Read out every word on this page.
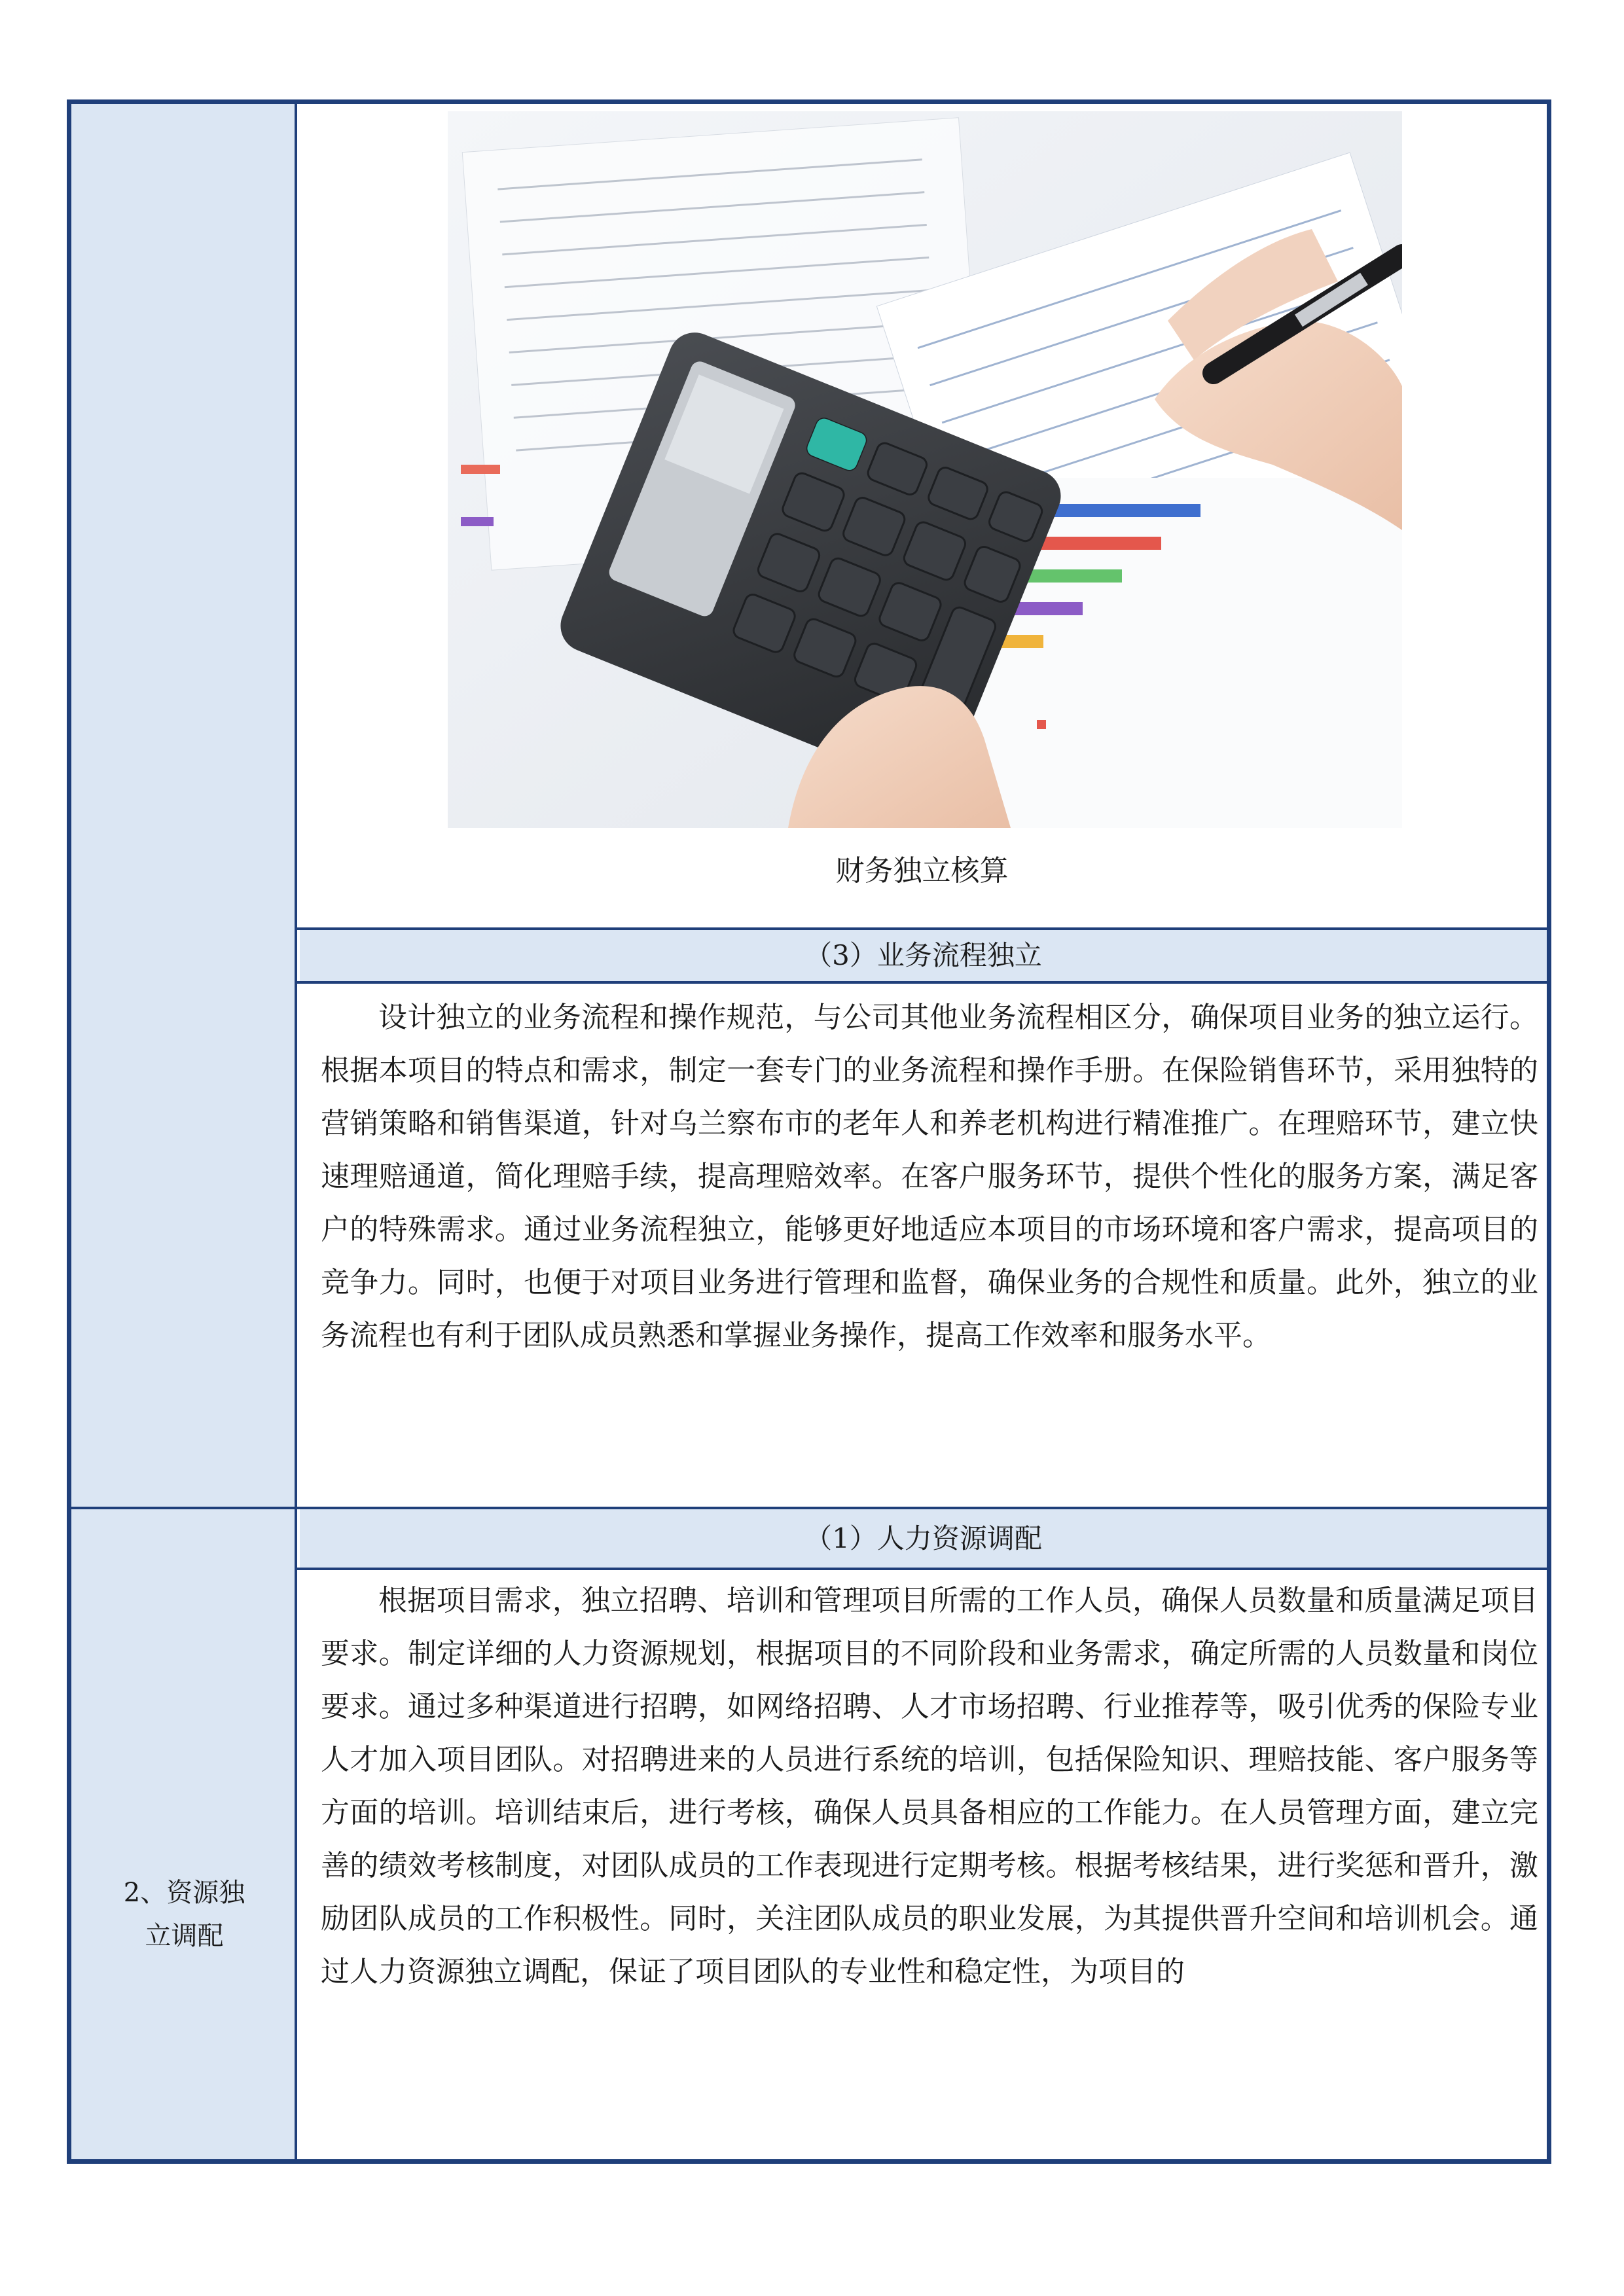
财务独立核算
（3）业务流程独立

设计独立的业务流程和操作规范，与公司其他业务流程相区分，确保项目业务的独立运行。根据本项目的特点和需求，制定一套专门的业务流程和操作手册。在保险销售环节，采用独特的营销策略和销售渠道，针对乌兰察布市的老年人和养老机构进行精准推广。在理赔环节，建立快速理赔通道，简化理赔手续，提高理赔效率。在客户服务环节，提供个性化的服务方案，满足客户的特殊需求。通过业务流程独立，能够更好地适应本项目的市场环境和客户需求，提高项目的竞争力。同时，也便于对项目业务进行管理和监督，确保业务的合规性和质量。此外，独立的业务流程也有利于团队成员熟悉和掌握业务操作，提高工作效率和服务水平。

2、资源独
立调配
（1）人力资源调配

根据项目需求，独立招聘、培训和管理项目所需的工作人员，确保人员数量和质量满足项目要求。制定详细的人力资源规划，根据项目的不同阶段和业务需求，确定所需的人员数量和岗位要求。通过多种渠道进行招聘，如网络招聘、人才市场招聘、行业推荐等，吸引优秀的保险专业人才加入项目团队。对招聘进来的人员进行系统的培训，包括保险知识、理赔技能、客户服务等方面的培训。培训结束后，进行考核，确保人员具备相应的工作能力。在人员管理方面，建立完善的绩效考核制度，对团队成员的工作表现进行定期考核。根据考核结果，进行奖惩和晋升，激励团队成员的工作积极性。同时，关注团队成员的职业发展，为其提供晋升空间和培训机会。通过人力资源独立调配，保证了项目团队的专业性和稳定性，为项目的
